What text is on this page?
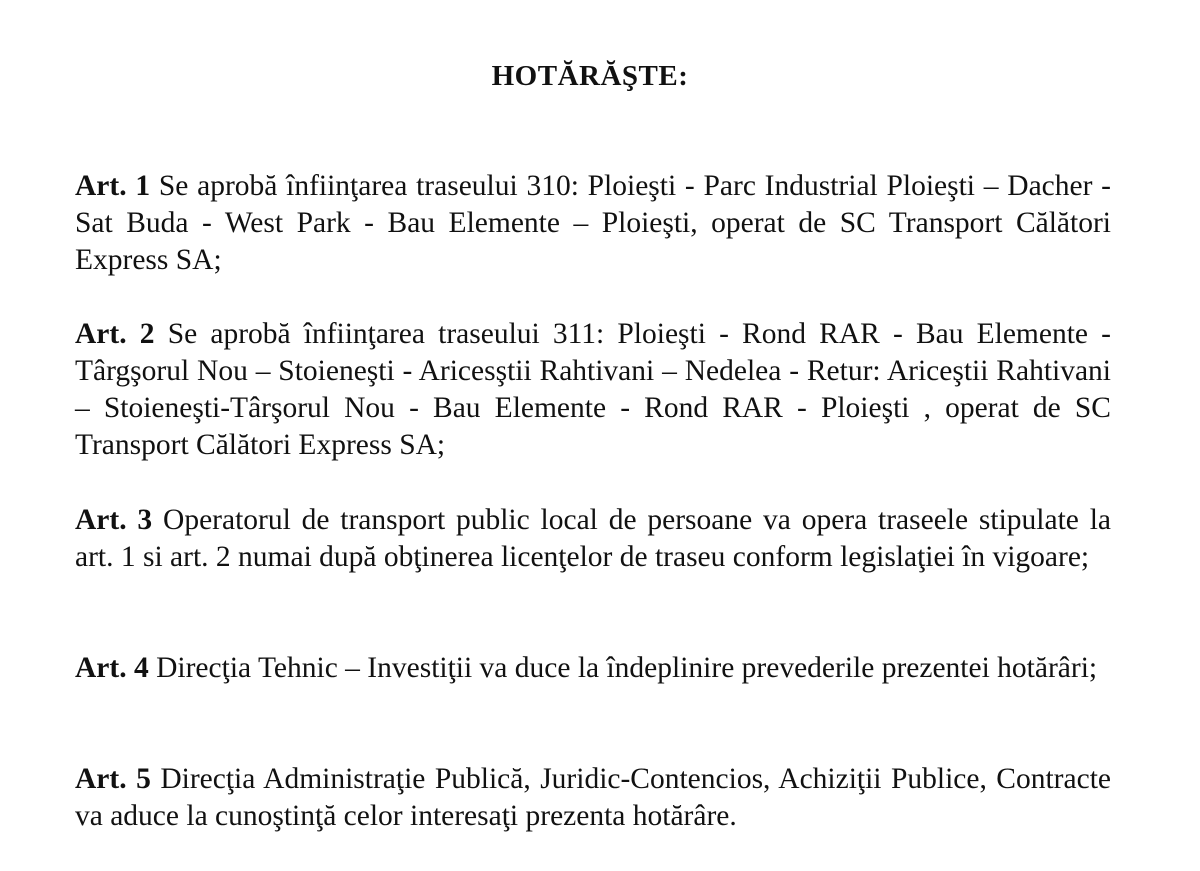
HOTĂRĂŞTE:

Art. 1 Se aprobă înfiinţarea traseului 310: Ploieşti - Parc Industrial Ploieşti – Dacher - Sat Buda - West Park - Bau Elemente – Ploieşti, operat de SC Transport Călători Express SA;

Art. 2 Se aprobă înfiinţarea traseului 311: Ploieşti - Rond RAR - Bau Elemente - Târgşorul Nou – Stoieneşti - Aricesştii Rahtivani – Nedelea - Retur: Ariceştii Rahtivani – Stoieneşti-Târşorul Nou - Bau Elemente - Rond RAR - Ploieşti , operat de SC Transport Călători Express SA;

Art. 3 Operatorul de transport public local de persoane va opera traseele stipulate la art. 1 si art. 2 numai după obţinerea licenţelor de traseu conform legislaţiei în vigoare;

Art. 4 Direcţia Tehnic – Investiţii va duce la îndeplinire prevederile prezentei hotărâri;

Art. 5 Direcţia Administraţie Publică, Juridic-Contencios, Achiziţii Publice, Contracte va aduce la cunoştinţă celor interesaţi prezenta hotărâre.
